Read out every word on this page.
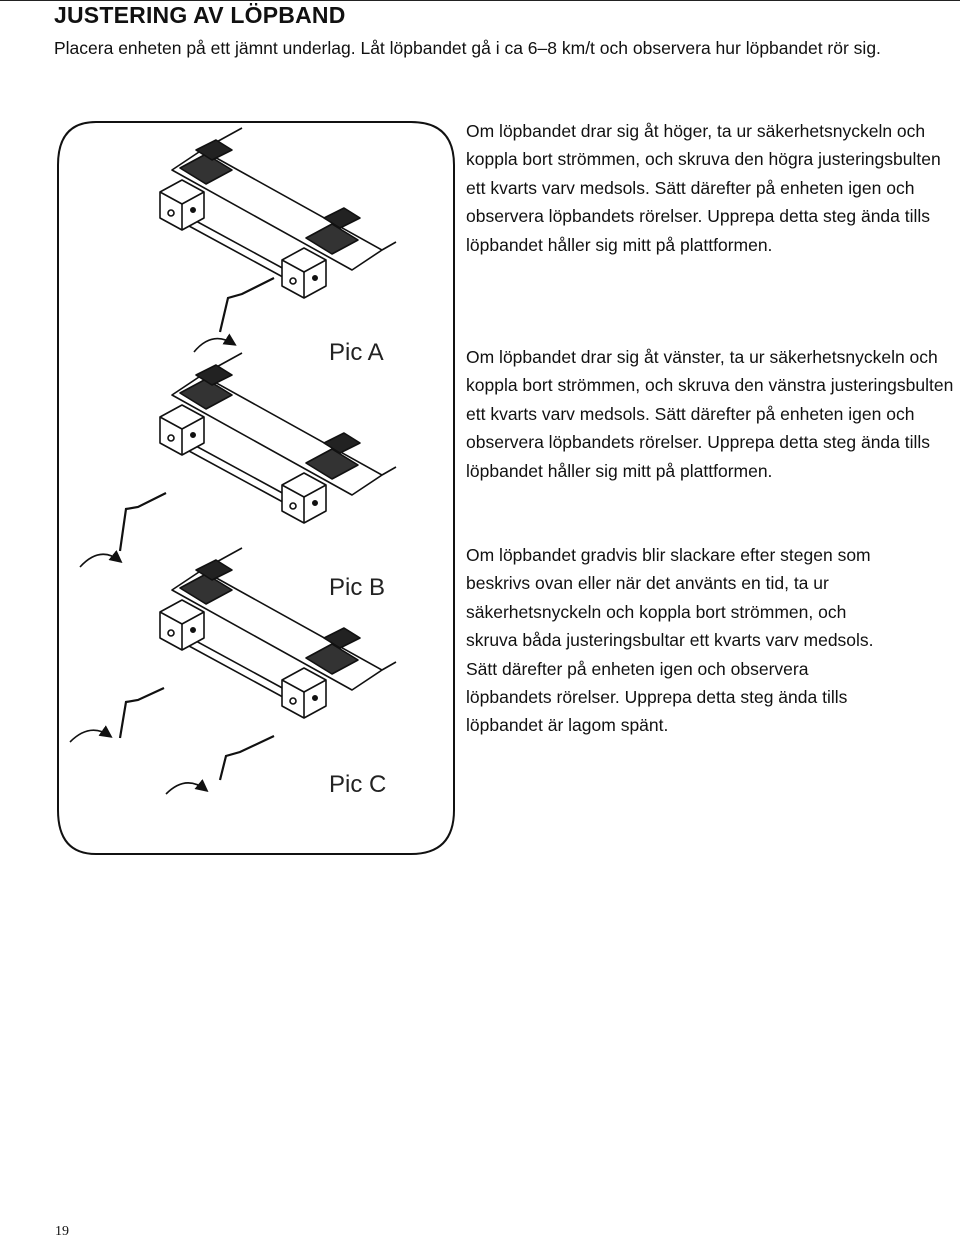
JUSTERING AV LÖPBAND
Placera enheten på ett jämnt underlag. Låt löpbandet gå i ca 6–8 km/t och observera hur löpbandet rör sig.
Pic A
Pic B
Pic C
Om löpbandet drar sig åt höger, ta ur säkerhetsnyckeln och koppla bort strömmen, och skruva den högra justeringsbulten ett kvarts varv medsols. Sätt därefter på enheten igen och observera löpbandets rörelser. Upprepa detta steg ända tills löpbandet håller sig mitt på plattformen.
Om löpbandet drar sig åt vänster, ta ur säkerhetsnyckeln och koppla bort strömmen, och skruva den vänstra justeringsbulten ett kvarts varv medsols. Sätt därefter på enheten igen och observera löpbandets rörelser. Upprepa detta steg ända tills löpbandet håller sig mitt på plattformen.
Om löpbandet gradvis blir slackare efter stegen som beskrivs ovan eller när det använts en tid, ta ur säkerhetsnyckeln och koppla bort strömmen, och skruva båda justeringsbultar ett kvarts varv medsols. Sätt därefter på enheten igen och observera löpbandets rörelser. Upprepa detta steg ända tills löpbandet är lagom spänt.
19
